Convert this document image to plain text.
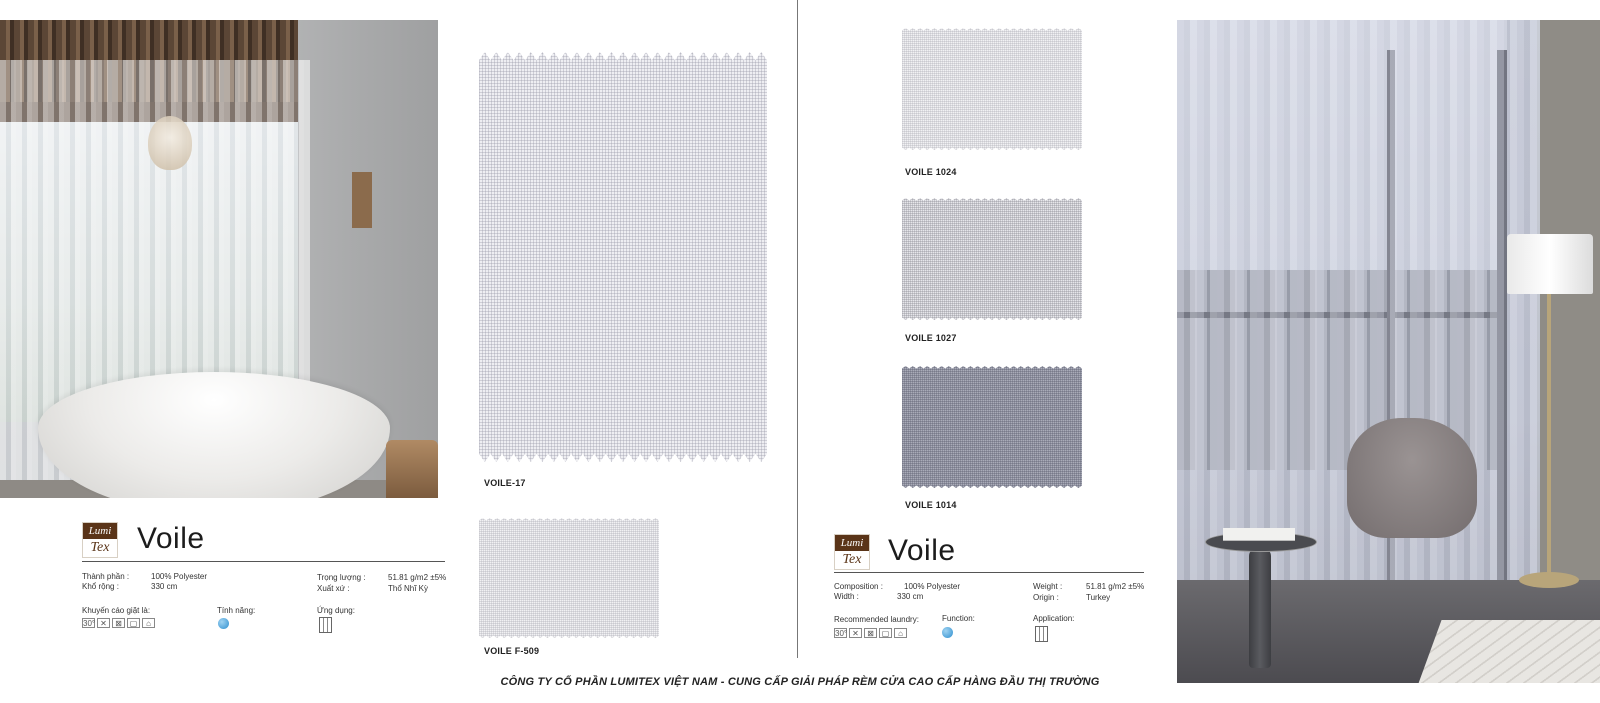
Lumi
Tex Voile
Thành phần :	100% Polyester
Khổ rộng :	330 cm
Trọng lượng :	51.81 g/m2 ±5%
Xuất xứ :	Thổ Nhĩ Kỳ
Khuyến cáo giặt là:
30° ✕	⊠ ▢	⌂
Tính năng:	Ứng dụng:
VOILE-17
VOILE F-509
VOILE 1024
VOILE 1027
VOILE 1014
Lumi
Tex Voile
Composition :	100% Polyester
Width :	330 cm
Weight :	51.81 g/m2 ±5%
Origin :	Turkey
Recommended laundry:
30° ✕	⊠ ▢	⌂
Function:	Application:
CÔNG TY CỔ PHẦN LUMITEX VIỆT NAM - CUNG CẤP GIẢI PHÁP RÈM CỬA CAO CẤP HÀNG ĐẦU THỊ TRƯỜNG
